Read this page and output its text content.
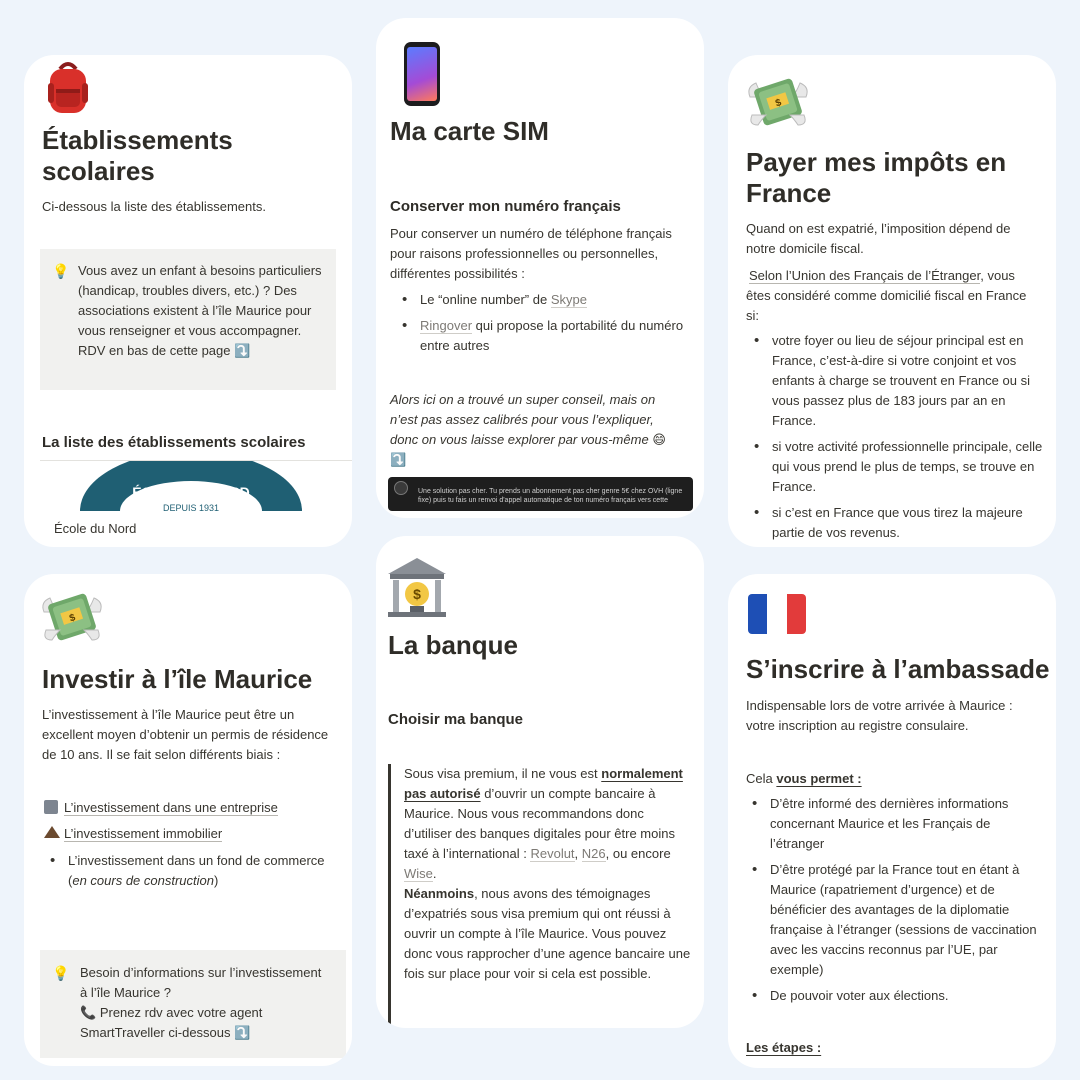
Établissements scolaires
Ci-dessous la liste des établissements.
💡 Vous avez un enfant à besoins particuliers (handicap, troubles divers, etc.) ? Des associations existent à l’île Maurice pour vous renseigner et vous accompagner. RDV en bas de cette page ⤵️
La liste des établissements scolaires
ÉCOLE DU NORD
DEPUIS 1931
École du Nord
Ma carte SIM
Conserver mon numéro français
Pour conserver un numéro de téléphone français pour raisons professionnelles ou personnelles, différentes possibilités :
• Le “online number” de Skype
• Ringover qui propose la portabilité du numéro entre autres
Alors ici on a trouvé un super conseil, mais on n’est pas assez calibrés pour vous l’expliquer, donc on vous laisse explorer par vous-même 😄 ⤵️
Une solution pas cher. Tu prends un abonnement pas cher genre 5€ chez OVH (ligne fixe) puis tu fais un renvoi d'appel automatique de ton numéro français vers cette
$
Payer mes impôts en France
Quand on est expatrié, l’imposition dépend de notre domicile fiscal.
Selon l’Union des Français de l’Étranger, vous êtes considéré comme domicilié fiscal en France si:
• votre foyer ou lieu de séjour principal est en France, c’est-à-dire si votre conjoint et vos enfants à charge se trouvent en France ou si vous passez plus de 183 jours par an en France.
• si votre activité professionnelle principale, celle qui vous prend le plus de temps, se trouve en France.
• si c’est en France que vous tirez la majeure partie de vos revenus.
$
Investir à l’île Maurice
L’investissement à l’île Maurice peut être un excellent moyen d’obtenir un permis de résidence de 10 ans. Il se fait selon différents biais :
L’investissement dans une entreprise
L’investissement immobilier
• L’investissement dans un fond de commerce (en cours de construction)
💡 Besoin d’informations sur l’investissement à l’île Maurice ?
📞 Prenez rdv avec votre agent SmartTraveller ci-dessous ⤵️
$
La banque
Choisir ma banque
Sous visa premium, il ne vous est normalement pas autorisé d’ouvrir un compte bancaire à Maurice. Nous vous recommandons donc d’utiliser des banques digitales pour être moins taxé à l’international : Revolut, N26, ou encore Wise.
Néanmoins, nous avons des témoignages d’expatriés sous visa premium qui ont réussi à ouvrir un compte à l’île Maurice. Vous pouvez donc vous rapprocher d’une agence bancaire une fois sur place pour voir si cela est possible.
S’inscrire à l’ambassade
Indispensable lors de votre arrivée à Maurice : votre inscription au registre consulaire.
Cela vous permet :
• D’être informé des dernières informations concernant Maurice et les Français de l’étranger
• D’être protégé par la France tout en étant à Maurice (rapatriement d’urgence) et de bénéficier des avantages de la diplomatie française à l’étranger (sessions de vaccination avec les vaccins reconnus par l’UE, par exemple)
• De pouvoir voter aux élections.
Les étapes :
